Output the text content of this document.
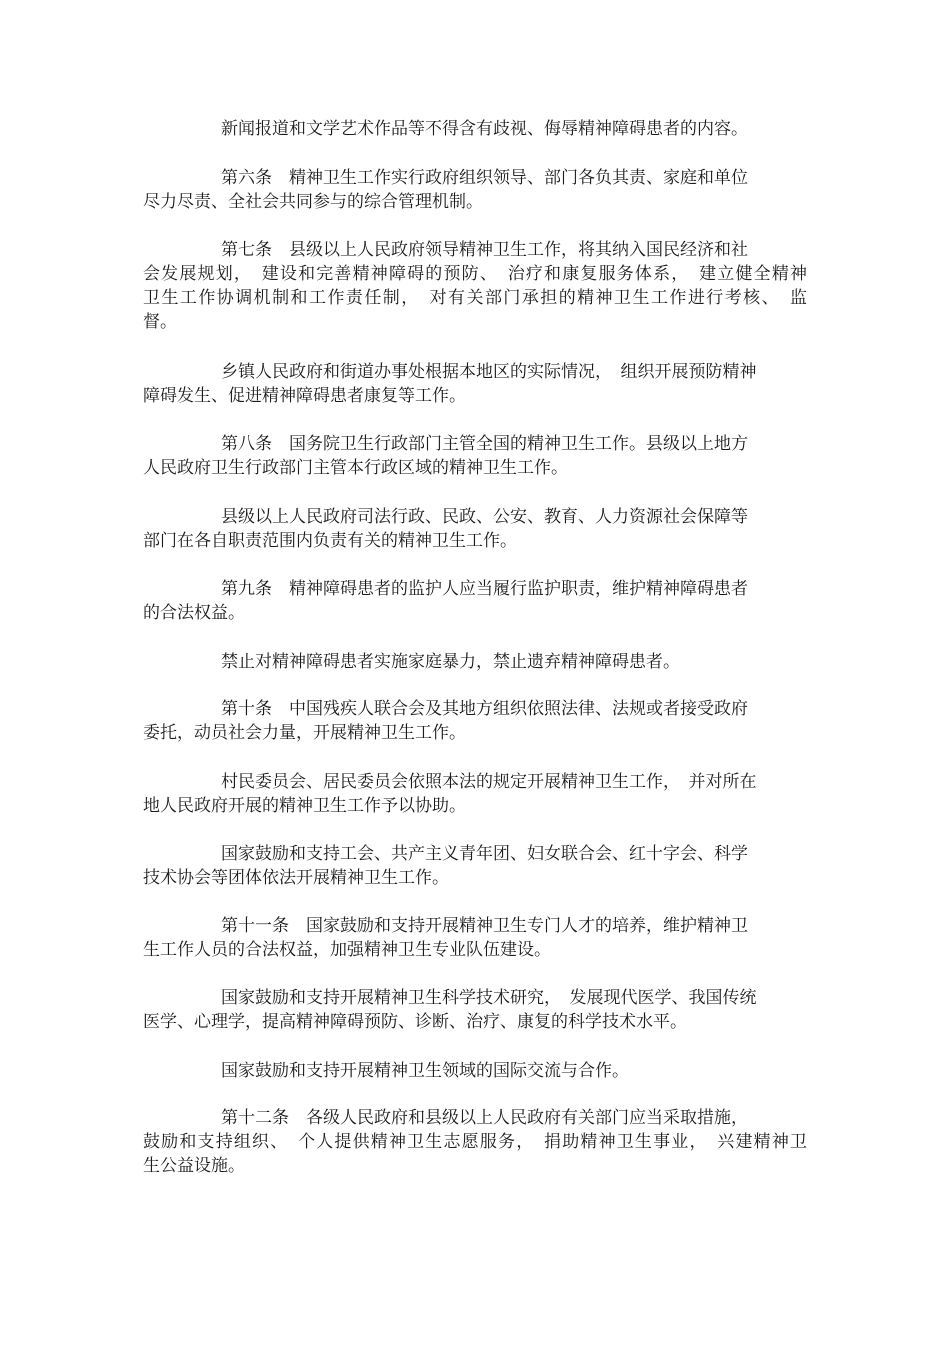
新闻报道和文学艺术作品等不得含有歧视、侮辱精神障碍患者的内容。
第六条　精神卫生工作实行政府组织领导、部门各负其责、家庭和单位
尽力尽责、全社会共同参与的综合管理机制。
第七条　县级以上人民政府领导精神卫生工作，将其纳入国民经济和社
会发展规划，　建设和完善精神障碍的预防、　治疗和康复服务体系，　建立健全精神
卫生工作协调机制和工作责任制，　对有关部门承担的精神卫生工作进行考核、　监
督。
乡镇人民政府和街道办事处根据本地区的实际情况，　组织开展预防精神
障碍发生、促进精神障碍患者康复等工作。
第八条　国务院卫生行政部门主管全国的精神卫生工作。县级以上地方
人民政府卫生行政部门主管本行政区域的精神卫生工作。
县级以上人民政府司法行政、民政、公安、教育、人力资源社会保障等
部门在各自职责范围内负责有关的精神卫生工作。
第九条　精神障碍患者的监护人应当履行监护职责，维护精神障碍患者
的合法权益。
禁止对精神障碍患者实施家庭暴力，禁止遗弃精神障碍患者。
第十条　中国残疾人联合会及其地方组织依照法律、法规或者接受政府
委托，动员社会力量，开展精神卫生工作。
村民委员会、居民委员会依照本法的规定开展精神卫生工作，　并对所在
地人民政府开展的精神卫生工作予以协助。
国家鼓励和支持工会、共产主义青年团、妇女联合会、红十字会、科学
技术协会等团体依法开展精神卫生工作。
第十一条　国家鼓励和支持开展精神卫生专门人才的培养，维护精神卫
生工作人员的合法权益，加强精神卫生专业队伍建设。
国家鼓励和支持开展精神卫生科学技术研究，　发展现代医学、我国传统
医学、心理学，提高精神障碍预防、诊断、治疗、康复的科学技术水平。
国家鼓励和支持开展精神卫生领域的国际交流与合作。
第十二条　各级人民政府和县级以上人民政府有关部门应当采取措施，
鼓励和支持组织、　个人提供精神卫生志愿服务，　捐助精神卫生事业，　兴建精神卫
生公益设施。
